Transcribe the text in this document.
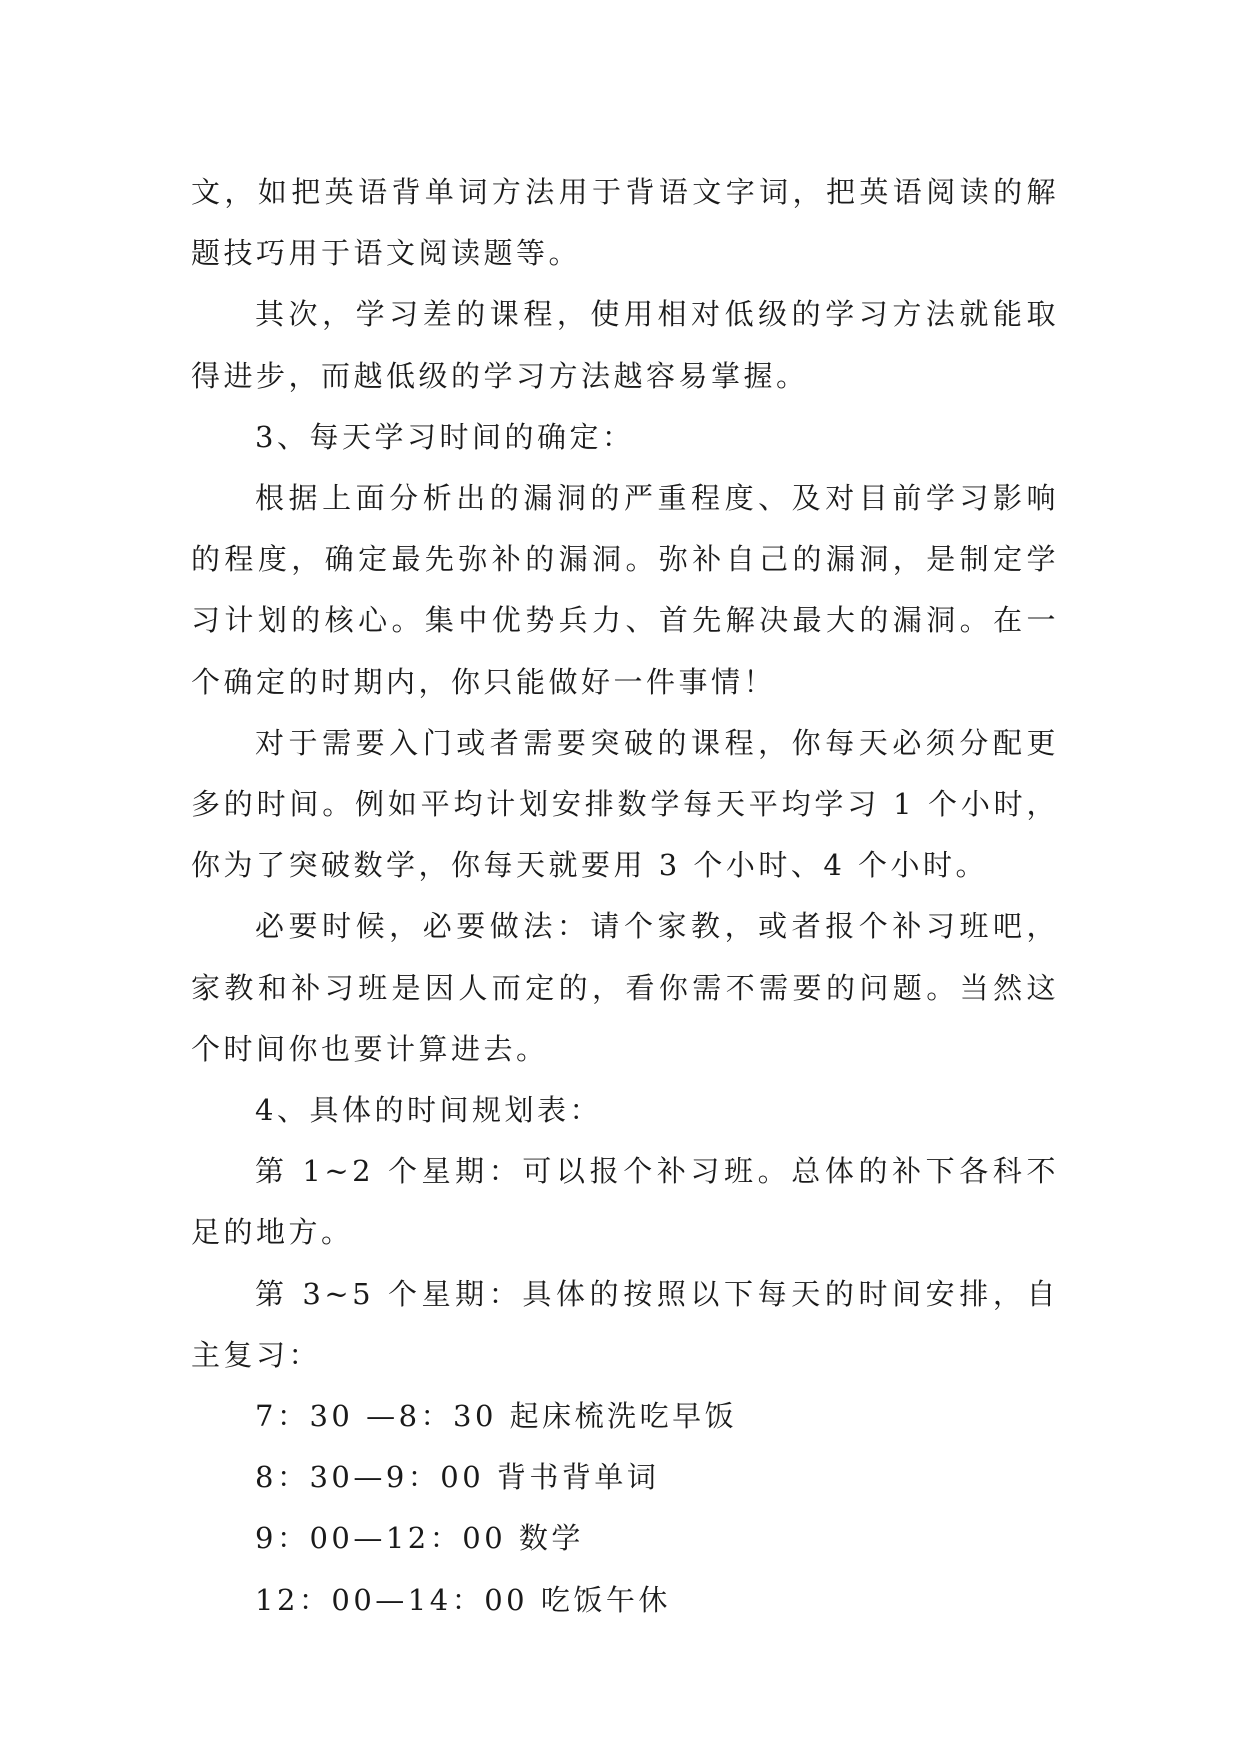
文，如把英语背单词方法用于背语文字词，把英语阅读的解题技巧用于语文阅读题等。

其次，学习差的课程，使用相对低级的学习方法就能取得进步，而越低级的学习方法越容易掌握。

3、每天学习时间的确定：

根据上面分析出的漏洞的严重程度、及对目前学习影响的程度，确定最先弥补的漏洞。弥补自己的漏洞，是制定学习计划的核心。集中优势兵力、首先解决最大的漏洞。在一个确定的时期内，你只能做好一件事情！

对于需要入门或者需要突破的课程，你每天必须分配更多的时间。例如平均计划安排数学每天平均学习 1 个小时，你为了突破数学，你每天就要用 3 个小时、4 个小时。

必要时候，必要做法：请个家教，或者报个补习班吧，家教和补习班是因人而定的，看你需不需要的问题。当然这个时间你也要计算进去。

4、具体的时间规划表：

第 1~2 个星期：可以报个补习班。总体的补下各科不足的地方。

第 3~5 个星期：具体的按照以下每天的时间安排，自主复习：

7：30 —8：30 起床梳洗吃早饭

8：30—9：00 背书背单词

9：00—12：00 数学

12：00—14：00 吃饭午休
